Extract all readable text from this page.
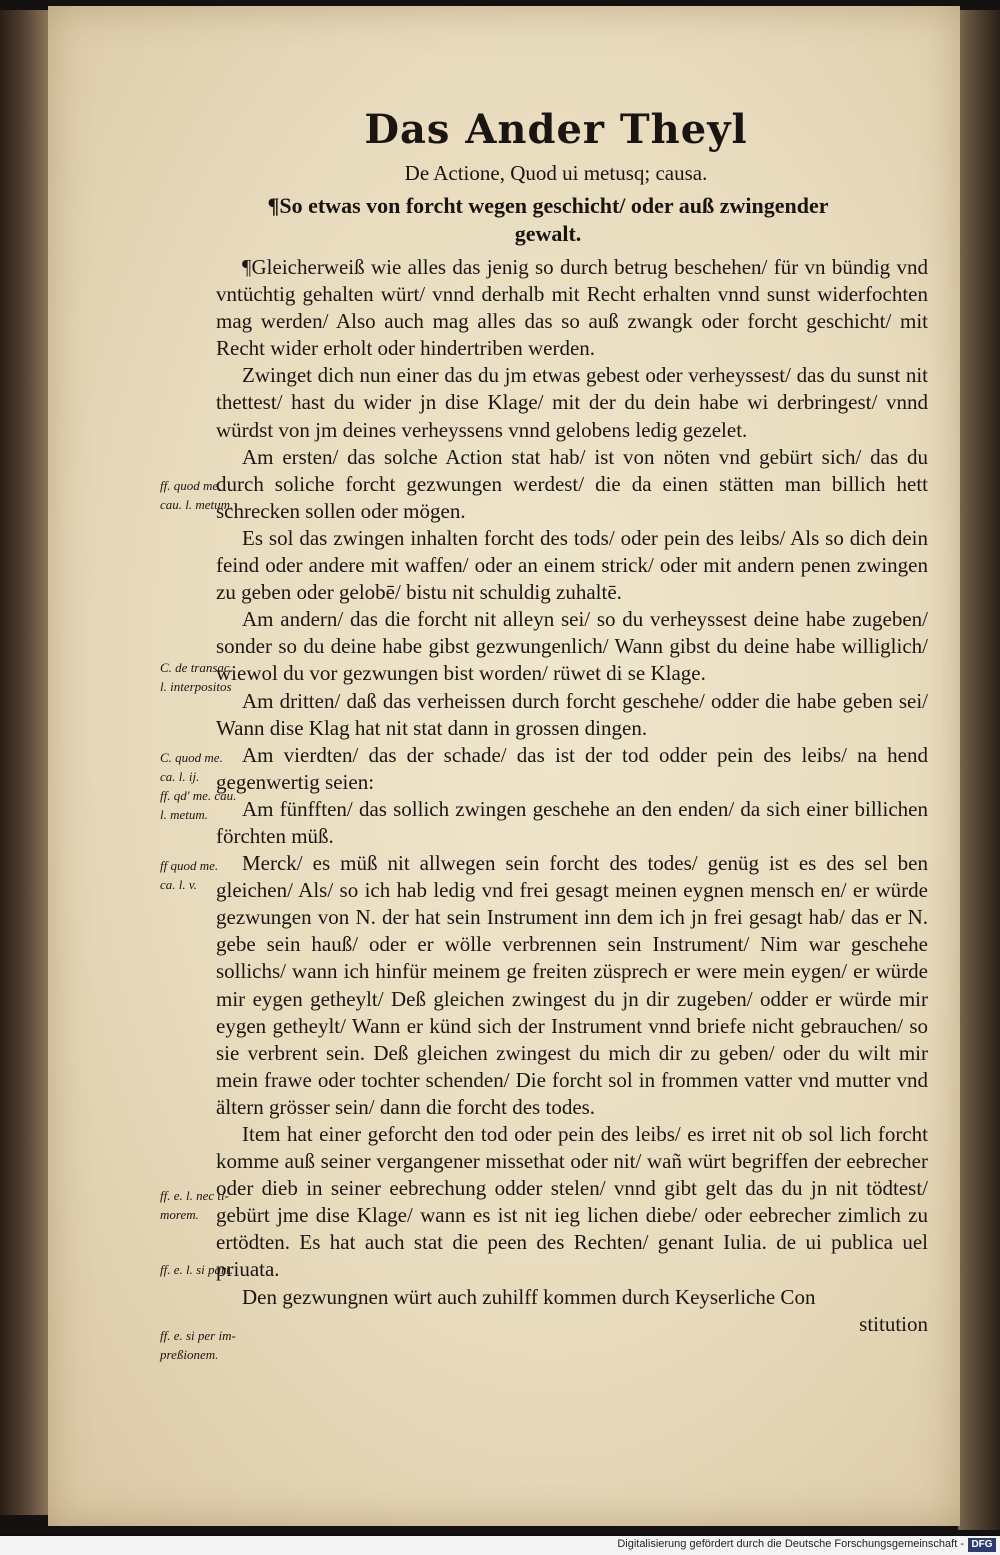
Das Ander Theyl
De Actione, Quod ui metusq; causa.
¶So etwas von forcht wegen geschicht/ oder auß zwingender gewalt.

¶Gleicherweiß wie alles das jenig so durch betrug beschehen/ für vn bündig vnd vntüchtig gehalten würt/ vnnd derhalb mit Recht erhalten vnnd sunst widerfochten mag werden/ Also auch mag alles das so auß zwangk oder forcht geschicht/ mit Recht wider erholt oder hindertriben werden.

Zwinget dich nun einer das du jm etwas gebest oder verheyssest/ das du sunst nit thettest/ hast du wider jn dise Klage/ mit der du dein habe wi derbringest/ vnnd würdst von jm deines verheyssens vnnd gelobens ledig gezelet.

Am ersten/ das solche Action stat hab/ ist von nöten vnd gebürt sich/ das du durch soliche forcht gezwungen werdest/ die da einen stätten man billich hett schrecken sollen oder mögen.

Es sol das zwingen inhalten forcht des tods/ oder pein des leibs/ Als so dich dein feind oder andere mit waffen/ oder an einem strick/ oder mit andern penen zwingen zu geben oder gelobē/ bistu nit schuldig zuhaltē.

Am andern/ das die forcht nit alleyn sei/ so du verheyssest deine habe zugeben/ sonder so du deine habe gibst gezwungenlich/ Wann gibst du deine habe williglich/ wiewol du vor gezwungen bist worden/ rüwet di se Klage.

Am dritten/ daß das verheissen durch forcht geschehe/ odder die habe geben sei/ Wann dise Klag hat nit stat dann in grossen dingen.

Am vierdten/ das der schade/ das ist der tod odder pein des leibs/ na hend gegenwertig seien:

Am fünfften/ das sollich zwingen geschehe an den enden/ da sich einer billichen förchten müß.

Merck/ es müß nit allwegen sein forcht des todes/ genüg ist es des sel ben gleichen/ Als/ so ich hab ledig vnd frei gesagt meinen eygnen mensch en/ er würde gezwungen von N. der hat sein Instrument inn dem ich jn frei gesagt hab/ das er N. gebe sein hauß/ oder er wölle verbrennen sein Instrument/ Nim war geschehe sollichs/ wann ich hinfür meinem ge freiten züsprech er were mein eygen/ er würde mir eygen getheylt/ Deß gleichen zwingest du jn dir zugeben/ odder er würde mir eygen getheylt/ Wann er künd sich der Instrument vnnd briefe nicht gebrauchen/ so sie verbrent sein. Deß gleichen zwingest du mich dir zu geben/ oder du wilt mir mein frawe oder tochter schenden/ Die forcht sol in frommen vatter vnd mutter vnd ältern grösser sein/ dann die forcht des todes.

Item hat einer geforcht den tod oder pein des leibs/ es irret nit ob sol lich forcht komme auß seiner vergangener missethat oder nit/ wañ würt begriffen der eebrecher oder dieb in seiner eebrechung odder stelen/ vnnd gibt gelt das du jn nit tödtest/ gebürt jme dise Klage/ wann es ist nit ieg lichen diebe/ oder eebrecher zimlich zu ertödten. Es hat auch stat die peen des Rechten/ genant Iulia. de ui publica uel priuata.

Den gezwungnen würt auch zuhilff kommen durch Keyserliche Con

stitution

ff. quod me.
cau. l. metum.
C. de transac.
l. interpositos
C. quod me.
ca. l. ij.
ff. qd' me. cau.
l. metum.
ff quod me.
ca. l. v.
ff. e. l. nec ti-
morem.
ff. e. l. si part.
ff. e. si per im-
preßionem.
Digitalisierung gefördert durch die Deutsche Forschungsgemeinschaft - DFG
